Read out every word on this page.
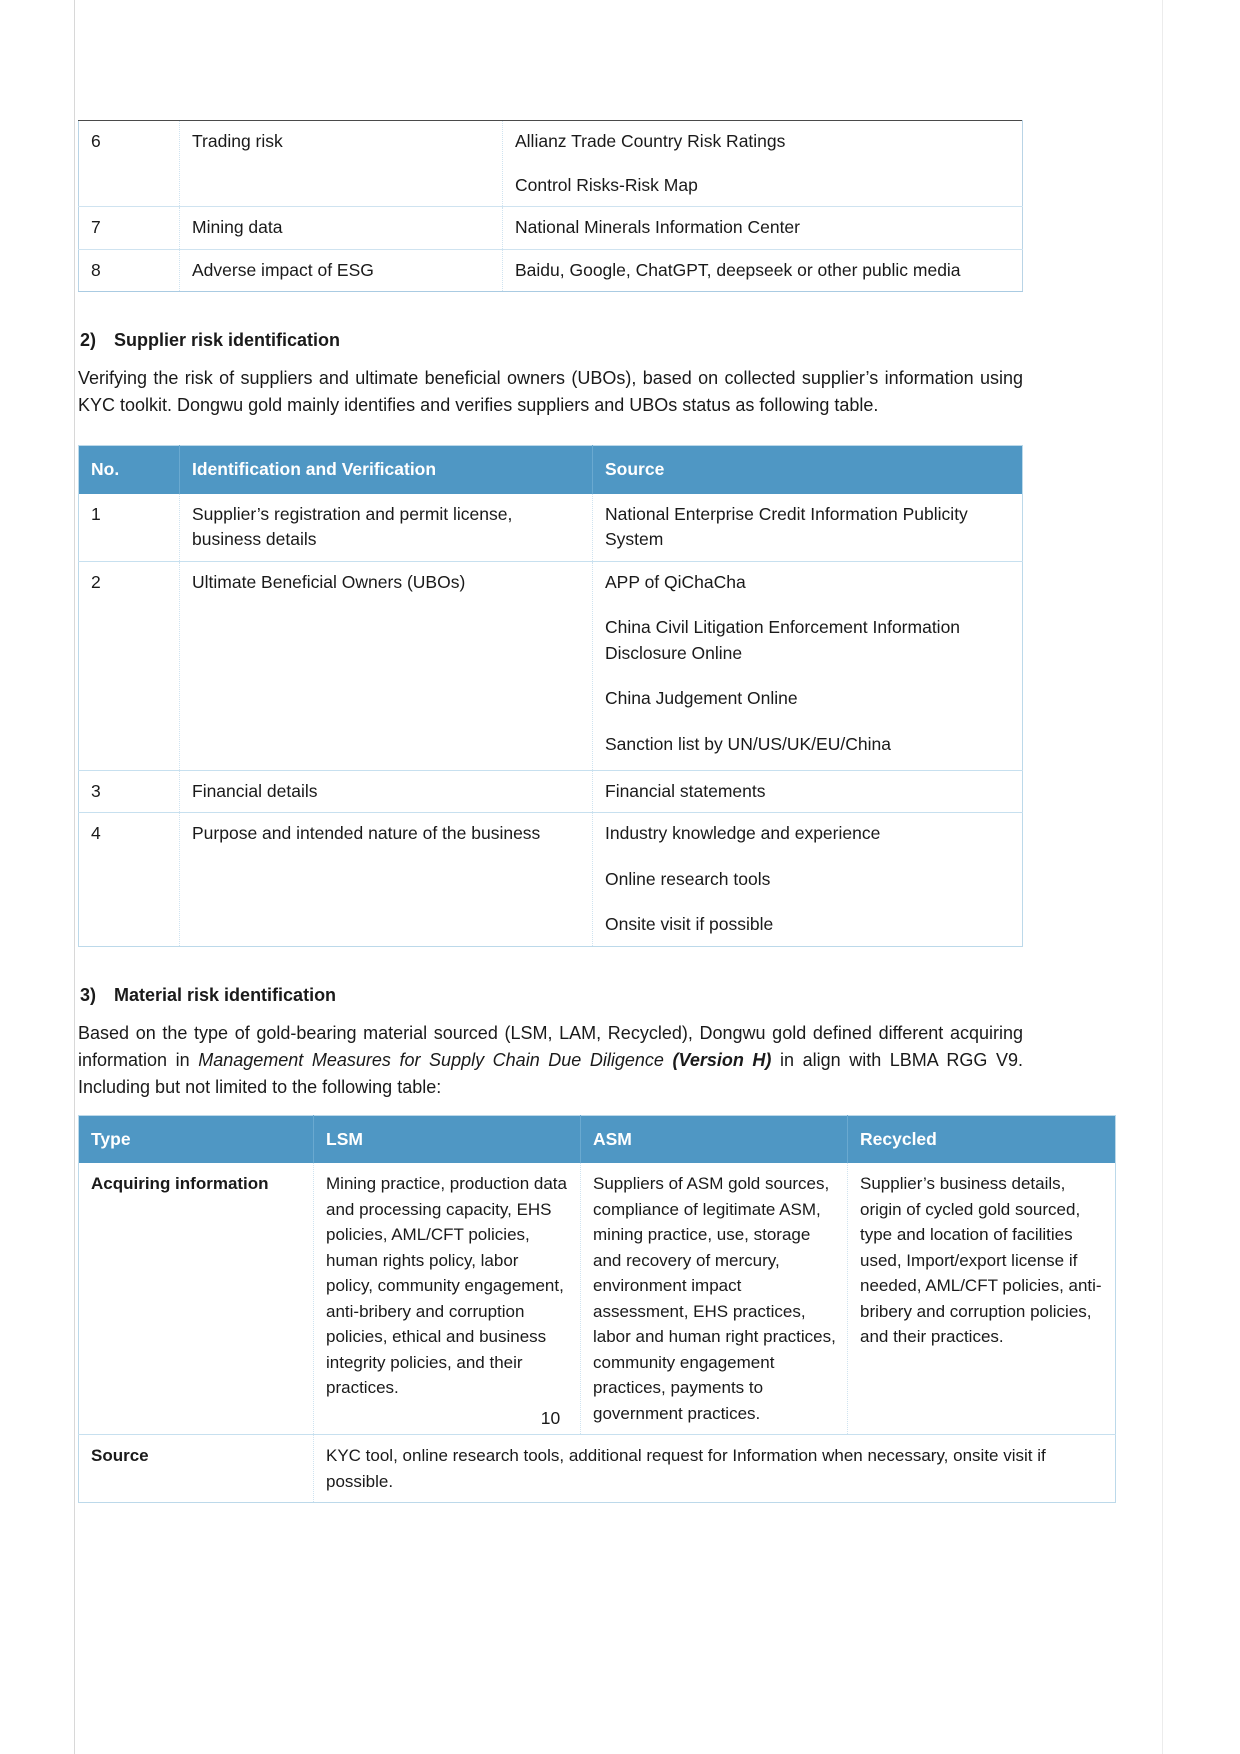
6	Trading risk	Allianz Trade Country Risk Ratings

Control Risks-Risk Map

7	Mining data	National Minerals Information Center

8	Adverse impact of ESG	Baidu, Google, ChatGPT, deepseek or other public media

2) Supplier risk identification

Verifying the risk of suppliers and ultimate beneficial owners (UBOs), based on collected supplier’s information using KYC toolkit. Dongwu gold mainly identifies and verifies suppliers and UBOs status as following table.

No.	Identification and Verification	Source
1	Supplier’s registration and permit license, business details	National Enterprise Credit Information Publicity System

2	Ultimate Beneficial Owners (UBOs)	APP of QiChaCha

China Civil Litigation Enforcement Information Disclosure Online

China Judgement Online

Sanction list by UN/US/UK/EU/China

3	Financial details	Financial statements

4	Purpose and intended nature of the business	Industry knowledge and experience

Online research tools

Onsite visit if possible

3) Material risk identification

Based on the type of gold-bearing material sourced (LSM, LAM, Recycled), Dongwu gold defined different acquiring information in Management Measures for Supply Chain Due Diligence (Version H) in align with LBMA RGG V9. Including but not limited to the following table:

Type	LSM	ASM	Recycled
Acquiring information	Mining practice, production data and processing capacity, EHS policies, AML/CFT policies, human rights policy, labor policy, community engagement, anti-bribery and corruption policies, ethical and business integrity policies, and their practices.	Suppliers of ASM gold sources, compliance of legitimate ASM, mining practice, use, storage and recovery of mercury, environment impact assessment, EHS practices, labor and human right practices, community engagement practices, payments to government practices.	Supplier’s business details, origin of cycled gold sourced, type and location of facilities used, Import/export license if needed, AML/CFT policies, anti-bribery and corruption policies, and their practices.
Source	KYC tool, online research tools, additional request for Information when necessary, onsite visit if possible.		
10
